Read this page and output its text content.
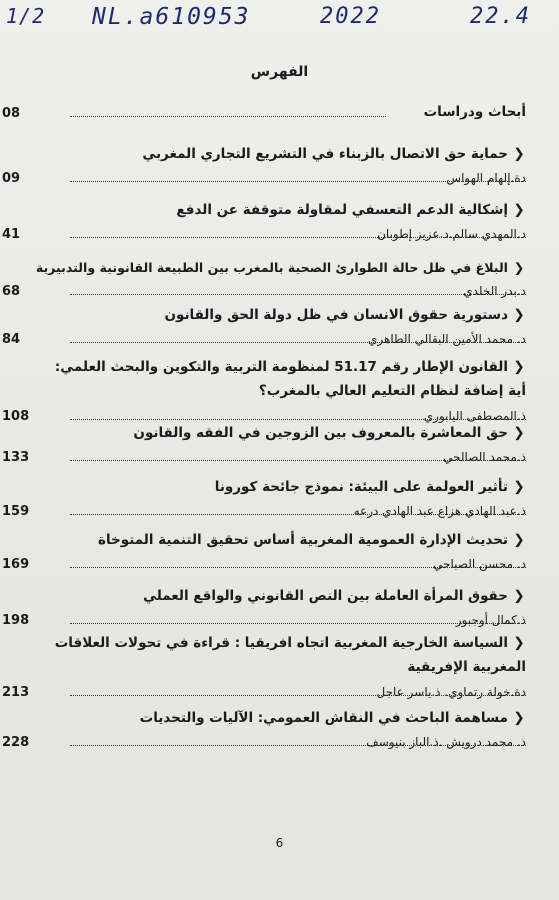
1/2 NL.a610953	2022	22.4
الفهرس
أبحاث ودراسات
08
❮حماية حق الاتصال بالزبناء في التشريع التجاري المغربي
دة.إلهام الهواس
09
❮إشكالية الدعم التعسفي لمقاولة متوقفة عن الدفع
د.المهدي سالم.د.عزيز إطوبان
41
❮البلاغ في ظل حالة الطوارئ الصحية بالمغرب بين الطبيعة القانونية والتدبيرية
د.بدر الخلدي
68
❮دستورية حقوق الانسان في ظل دولة الحق والقانون
د. محمد الأمين البقالي الطاهري
84
❮القانون الإطار رقم 51.17 لمنظومة التربية والتكوين والبحث العلمي: أية إضافة لنظام التعليم العالي بالمغرب؟
ذ.المصطفى اليابوري
108
❮حق المعاشرة بالمعروف بين الزوجين في الفقه والقانون
ذ.محمد الصالحي
133
❮تأثير العولمة على البيئة: نموذج جائحة كورونا
ذ.عبد الهادي هزاع عبد الهادي درعه
159
❮تحديث الإدارة العمومية المغربية أساس تحقيق التنمية المتوخاة
د. محسن الصباحي
169
❮حقوق المرأة العاملة بين النص القانوني والواقع العملي
ذ.كمال أوجبور
198
❮السياسة الخارجية المغربية اتجاه افريقيا : قراءة في تحولات العلاقات المغربية الإفريقية
دة.خولة رتماوي. ذ.ياسر عاجل
213
❮مساهمة الباحث في النقاش العمومي: الآليات والتحديات
ذ. محمد درويش .ذ.الباز بنيوسف
228
6
